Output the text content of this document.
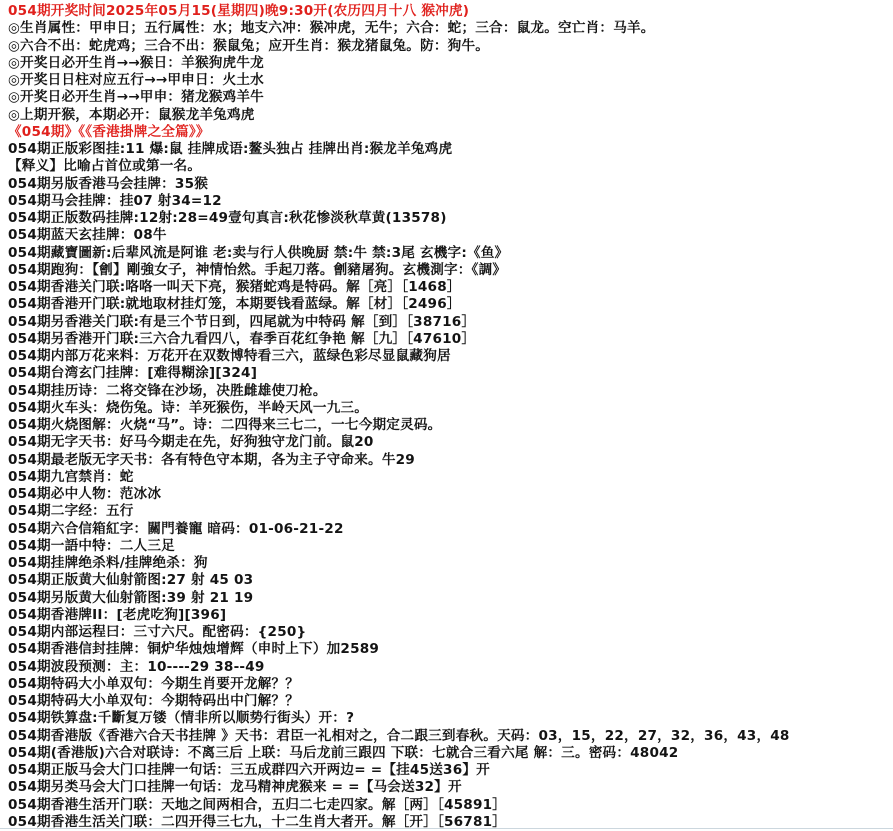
054期开奖时间2025年05月15(星期四)晚9:30开(农历四月十八 猴冲虎)
◎生肖属性：甲申日；五行属性：水；地支六冲：猴冲虎，无牛；六合：蛇；三合：鼠龙。空亡肖：马羊。
◎六合不出：蛇虎鸡；三合不出：猴鼠兔；应开生肖：猴龙猪鼠兔。防：狗牛。
◎开奖日必开生肖→→猴日：羊猴狗虎牛龙
◎开奖日日柱对应五行→→甲申日：火土水
◎开奖日必开生肖→→甲申：猪龙猴鸡羊牛
◎上期开猴，本期必开：鼠猴龙羊兔鸡虎
《054期》《《香港掛牌之全篇》》
054期正版彩图挂:11 爆:鼠 挂牌成语:鳌头独占 挂牌出肖:猴龙羊兔鸡虎
【释义】比喻占首位或第一名。
054期另版香港马会挂牌：35猴
054期马会挂牌：挂07 射34=12
054期正版数码挂牌:12射:28=49壹句真言:秋花惨淡秋草黄(13578)
054期蓝天玄挂牌：08牛
054期藏寶圖新:后辈风流是阿谁 老:卖与行人供晚厨 禁:牛 禁:3尾 玄機字:《鱼》
054期跑狗：【劊】剛強女子，神情怡然。手起刀落。劊豬屠狗。玄機測字：《調》
054期香港关门联:咯咯一叫天下亮，猴猪蛇鸡是特码。解［亮］［1468］
054期香港开门联:就地取材挂灯笼，本期要钱看蓝绿。解［材］［2496］
054期另香港关门联:有是三个节日到，四尾就为中特码 解［到］［38716］
054期另香港开门联:三六合九看四八，春季百花红争艳 解［九］［47610］
054期内部万花来料：万花开在双数博特看三六，蓝绿色彩尽显鼠藏狗居
054期台湾玄门挂牌：[难得糊涂][324]
054期挂历诗：二将交锋在沙场，决胜雌雄使刀枪。
054期火车头：烧伤兔。诗：羊死猴伤，半岭天风一九三。
054期火烧图解：火烧“马”。诗：二四得来三七二，一七今期定灵码。
054期无字天书：好马今期走在先，好狗独守龙门前。鼠20
054期最老版无字天书：各有特色守本期，各为主子守命来。牛29
054期九宫禁肖：蛇
054期必中人物：范冰冰
054期二字经：五行
054期六合信箱紅字：關門養寵 暗码：01-06-21-22
054期一語中特：二人三足
054期挂牌绝杀料/挂牌绝杀：狗
054期正版黄大仙射箭图:27 射 45 03
054期另版黄大仙射箭图:39 射 21 19
054期香港牌II：[老虎吃狗][396]
054期内部运程曰：三寸六尺。配密码：{250}
054期香港信封挂牌：铜炉华烛烛增辉（申时上下）加2589
054期波段预测：主：10----29 38--49
054期特码大小单双句：今期生肖要开龙解？？
054期特码大小单双句：今期特码出中门解？？
054期铁算盘:千斷复万镂（情非所以顺势行街头）开：?
054期香港版《香港六合天书挂牌 》天书：君臣一礼相对之，合二跟三到春秋。天码：03，15，22，27，32，36，43，48
054期(香港版)六合对联诗：不离三后 上联：马后龙前三跟四 下联：七就合三看六尾 解：三。密码：48042
054期正版马会大门口挂牌一句话：三五成群四六开两边= =【挂45送36】开
054期另类马会大门口挂牌一句话：龙马精神虎猴来 = =【马会送32】开
054期香港生活开门联：天地之间两相合，五归二七走四家。解［两］［45891］
054期香港生活关门联：二四开得三七九，十二生肖大者开。解［开］［56781］
